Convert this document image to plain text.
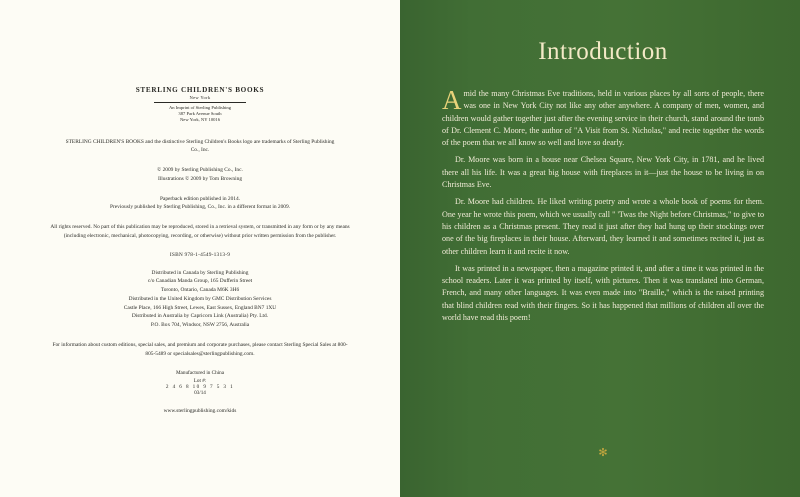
STERLING CHILDREN'S BOOKS
New York
An Imprint of Sterling Publishing
387 Park Avenue South
New York, NY 10016
STERLING CHILDREN'S BOOKS and the distinctive Sterling Children's Books logo are trademarks of Sterling Publishing Co., Inc.
© 2009 by Sterling Publishing Co., Inc.
Illustrations © 2009 by Tom Browning
Paperback edition published in 2014.
Previously published by Sterling Publishing, Co., Inc. in a different format in 2009.
All rights reserved. No part of this publication may be reproduced, stored in a retrieval system, or transmitted in any form or by any means (including electronic, mechanical, photocopying, recording, or otherwise) without prior written permission from the publisher.
ISBN 978-1-4549-1313-9
Distributed in Canada by Sterling Publishing
c/o Canadian Manda Group, 165 Dufferin Street
Toronto, Ontario, Canada M6K 3H6
Distributed in the United Kingdom by GMC Distribution Services
Castle Place, 166 High Street, Lewes, East Sussex, England BN7 1XU
Distributed in Australia by Capricorn Link (Australia) Pty. Ltd.
P.O. Box 704, Windsor, NSW 2756, Australia
For information about custom editions, special sales, and premium and corporate purchases, please contact Sterling Special Sales at 800-805-5489 or specialsales@sterlingpublishing.com.
Manufactured in China
Lot #:
2 4 6 8 10 9 7 5 3 1
03/14
www.sterlingpublishing.com/kids
Introduction

Amid the many Christmas Eve traditions, held in various places by all sorts of people, there was one in New York City not like any other anywhere. A company of men, women, and children would gather together just after the evening service in their church, stand around the tomb of Dr. Clement C. Moore, the author of "A Visit from St. Nicholas," and recite together the words of the poem that we all know so well and love so dearly.

Dr. Moore was born in a house near Chelsea Square, New York City, in 1781, and he lived there all his life. It was a great big house with fireplaces in it—just the house to be living in on Christmas Eve.

Dr. Moore had children. He liked writing poetry and wrote a whole book of poems for them. One year he wrote this poem, which we usually call " 'Twas the Night before Christmas," to give to his children as a Christmas present. They read it just after they had hung up their stockings over one of the big fireplaces in their house. Afterward, they learned it and sometimes recited it, just as other children learn it and recite it now.

It was printed in a newspaper, then a magazine printed it, and after a time it was printed in the school readers. Later it was printed by itself, with pictures. Then it was translated into German, French, and many other languages. It was even made into "Braille," which is the raised printing that blind children read with their fingers. So it has happened that millions of children all over the world have read this poem!

✻
